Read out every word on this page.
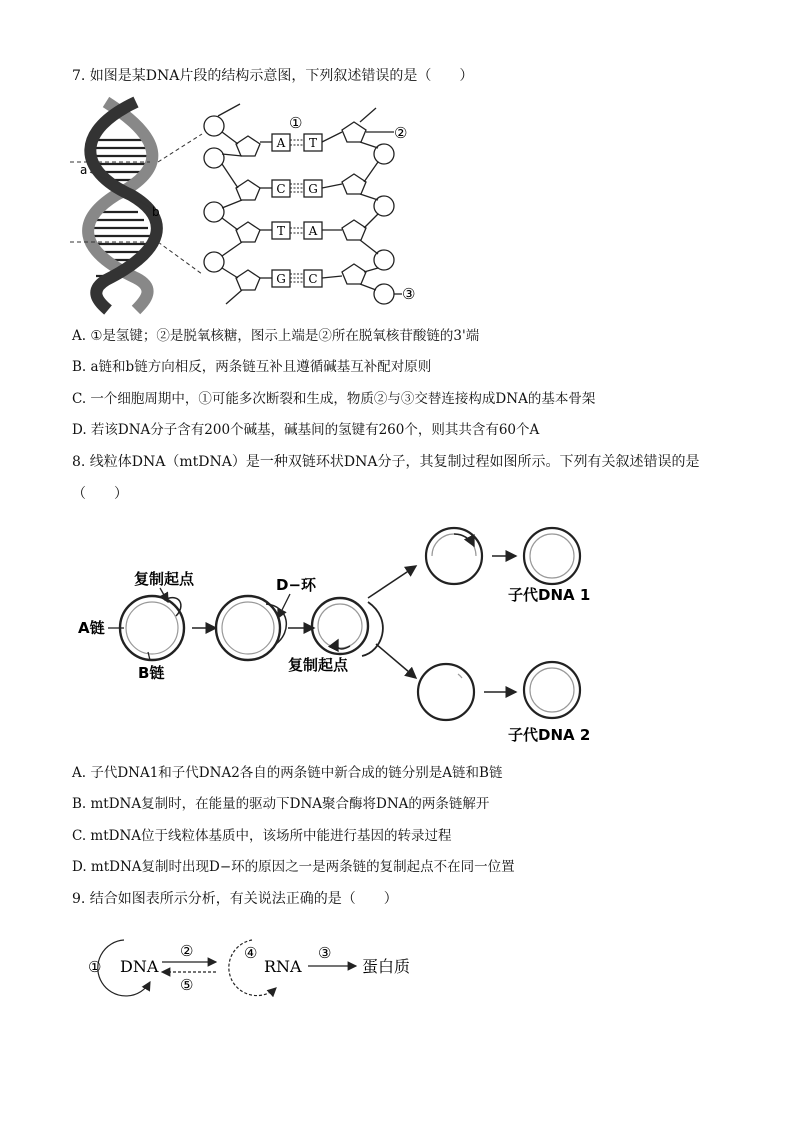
7. 如图是某DNA片段的结构示意图，下列叙述错误的是（　　）
a
b
A T
C G
T A
G C
①
②
③
A. ①是氢键；②是脱氧核糖，图示上端是②所在脱氧核苷酸链的3'端
B. a链和b链方向相反，两条链互补且遵循碱基互补配对原则
C. 一个细胞周期中，①可能多次断裂和生成，物质②与③交替连接构成DNA的基本骨架
D. 若该DNA分子含有200个碱基，碱基间的氢键有260个，则其共含有60个A
8. 线粒体DNA（mtDNA）是一种双链环状DNA分子，其复制过程如图所示。下列有关叙述错误的是
（　　）
复制起点
A链
B链
D−环
复制起点
子代DNA 1
子代DNA 2
A. 子代DNA1和子代DNA2各自的两条链中新合成的链分别是A链和B链
B. mtDNA复制时，在能量的驱动下DNA聚合酶将DNA的两条链解开
C. mtDNA位于线粒体基质中，该场所中能进行基因的转录过程
D. mtDNA复制时出现D−环的原因之一是两条链的复制起点不在同一位置
9. 结合如图表所示分析，有关说法正确的是（　　）
① DNA
②
⑤
④
RNA
③
蛋白质
